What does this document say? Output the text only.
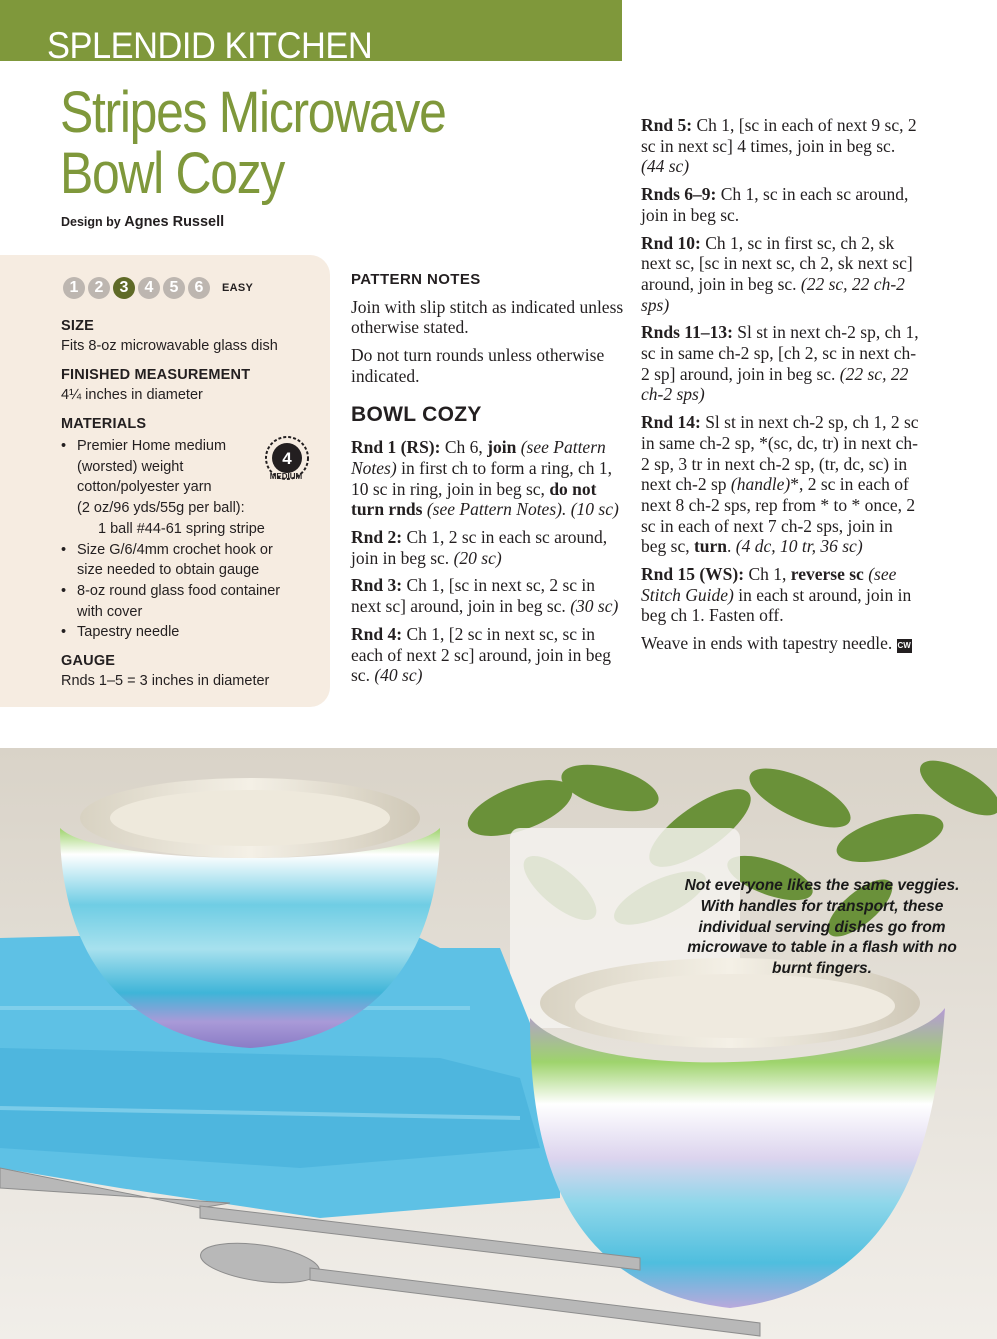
SPLENDID KITCHEN
Stripes Microwave
Bowl Cozy
Design by Agnes Russell
1	2	3	4	5	6	EASY
SIZE
Fits 8-oz microwavable glass dish
FINISHED MEASUREMENT
4¼ inches in diameter
MATERIALS
• Premier Home medium
(worsted) weight
cotton/polyester yarn
(2 oz/96 yds/55g per ball):
1 ball #44-61 spring stripe
• Size G/6/4mm crochet hook or
size needed to obtain gauge
• 8-oz round glass food container
with cover
• Tapestry needle
4
MEDIUM
GAUGE
Rnds 1–5 = 3 inches in diameter
PATTERN NOTES

Join with slip stitch as indicated unless otherwise stated.

Do not turn rounds unless otherwise indicated.

BOWL COZY

Rnd 1 (RS): Ch 6, join (see Pattern Notes) in first ch to form a ring, ch 1, 10 sc in ring, join in beg sc, do not turn rnds (see Pattern Notes). (10 sc)

Rnd 2: Ch 1, 2 sc in each sc around, join in beg sc. (20 sc)

Rnd 3: Ch 1, [sc in next sc, 2 sc in next sc] around, join in beg sc. (30 sc)

Rnd 4: Ch 1, [2 sc in next sc, sc in each of next 2 sc] around, join in beg sc. (40 sc)

Rnd 5: Ch 1, [sc in each of next 9 sc, 2 sc in next sc] 4 times, join in beg sc. (44 sc)

Rnds 6–9: Ch 1, sc in each sc around, join in beg sc.

Rnd 10: Ch 1, sc in first sc, ch 2, sk next sc, [sc in next sc, ch 2, sk next sc] around, join in beg sc. (22 sc, 22 ch-2 sps)

Rnds 11–13: Sl st in next ch-2 sp, ch 1, sc in same ch-2 sp, [ch 2, sc in next ch-2 sp] around, join in beg sc. (22 sc, 22 ch-2 sps)

Rnd 14: Sl st in next ch-2 sp, ch 1, 2 sc in same ch-2 sp, *(sc, dc, tr) in next ch-2 sp, 3 tr in next ch-2 sp, (tr, dc, sc) in next ch-2 sp (handle)*, 2 sc in each of next 8 ch-2 sps, rep from * to * once, 2 sc in each of next 7 ch-2 sps, join in beg sc, turn. (4 dc, 10 tr, 36 sc)

Rnd 15 (WS): Ch 1, reverse sc (see Stitch Guide) in each st around, join in beg ch 1. Fasten off.

Weave in ends with tapestry needle. CW

Not everyone likes the same veggies. With handles for transport, these individual serving dishes go from microwave to table in a flash with no burnt fingers.
